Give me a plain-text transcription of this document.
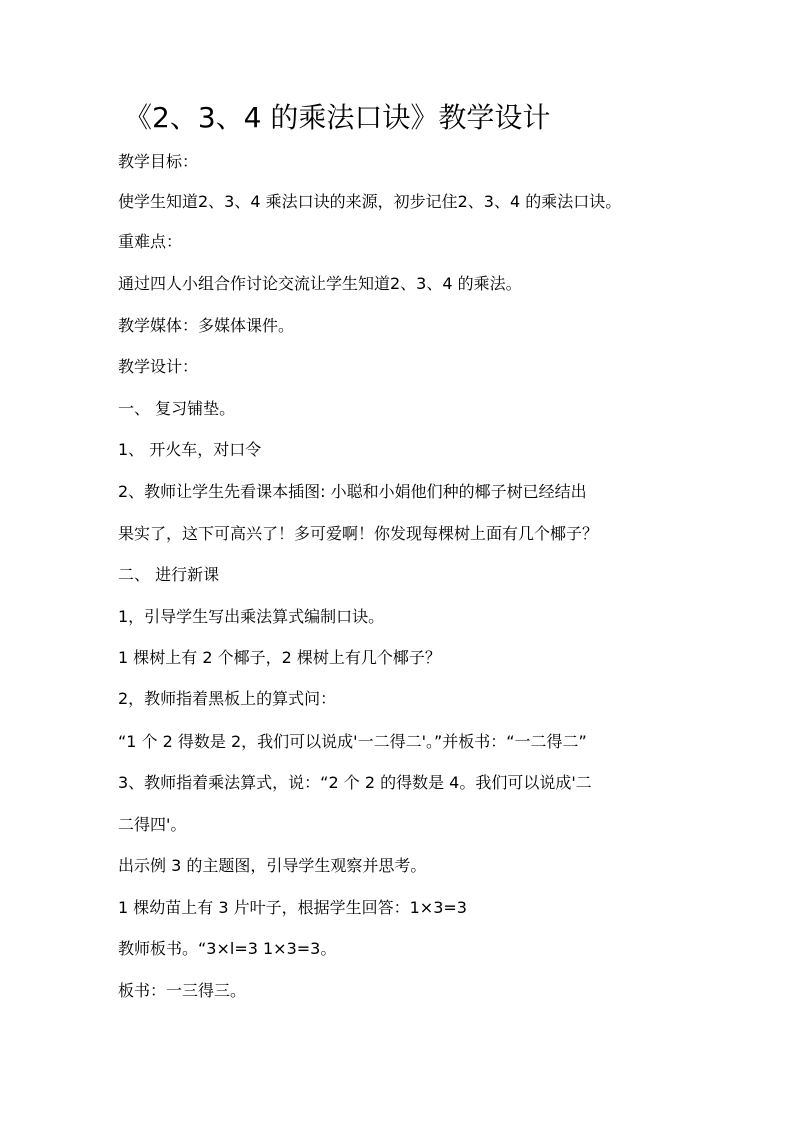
《2、3、4 的乘法口诀》教学设计
教学目标：
使学生知道2、3、4 乘法口诀的来源，初步记住2、3、4 的乘法口诀。
重难点：
通过四人小组合作讨论交流让学生知道2、3、4 的乘法。
教学媒体：多媒体课件。
教学设计：
一、 复习铺垫。
1、 开火车，对口令
2、教师让学生先看课本插图: 小聪和小娟他们种的椰子树已经结出
果实了，这下可高兴了！多可爱啊！你发现每棵树上面有几个椰子？
二、 进行新课
1，引导学生写出乘法算式编制口诀。
1 棵树上有 2 个椰子，2 棵树上有几个椰子？
2，教师指着黑板上的算式问：
“1 个 2 得数是 2，我们可以说成'一二得二'。”并板书：“一二得二”
3、教师指着乘法算式，说：“2 个 2 的得数是 4。我们可以说成'二
二得四'。
出示例 3 的主题图，引导学生观察并思考。
1 棵幼苗上有 3 片叶子，根据学生回答：1×3=3
教师板书。“3×l=3 1×3=3。
板书：一三得三。
